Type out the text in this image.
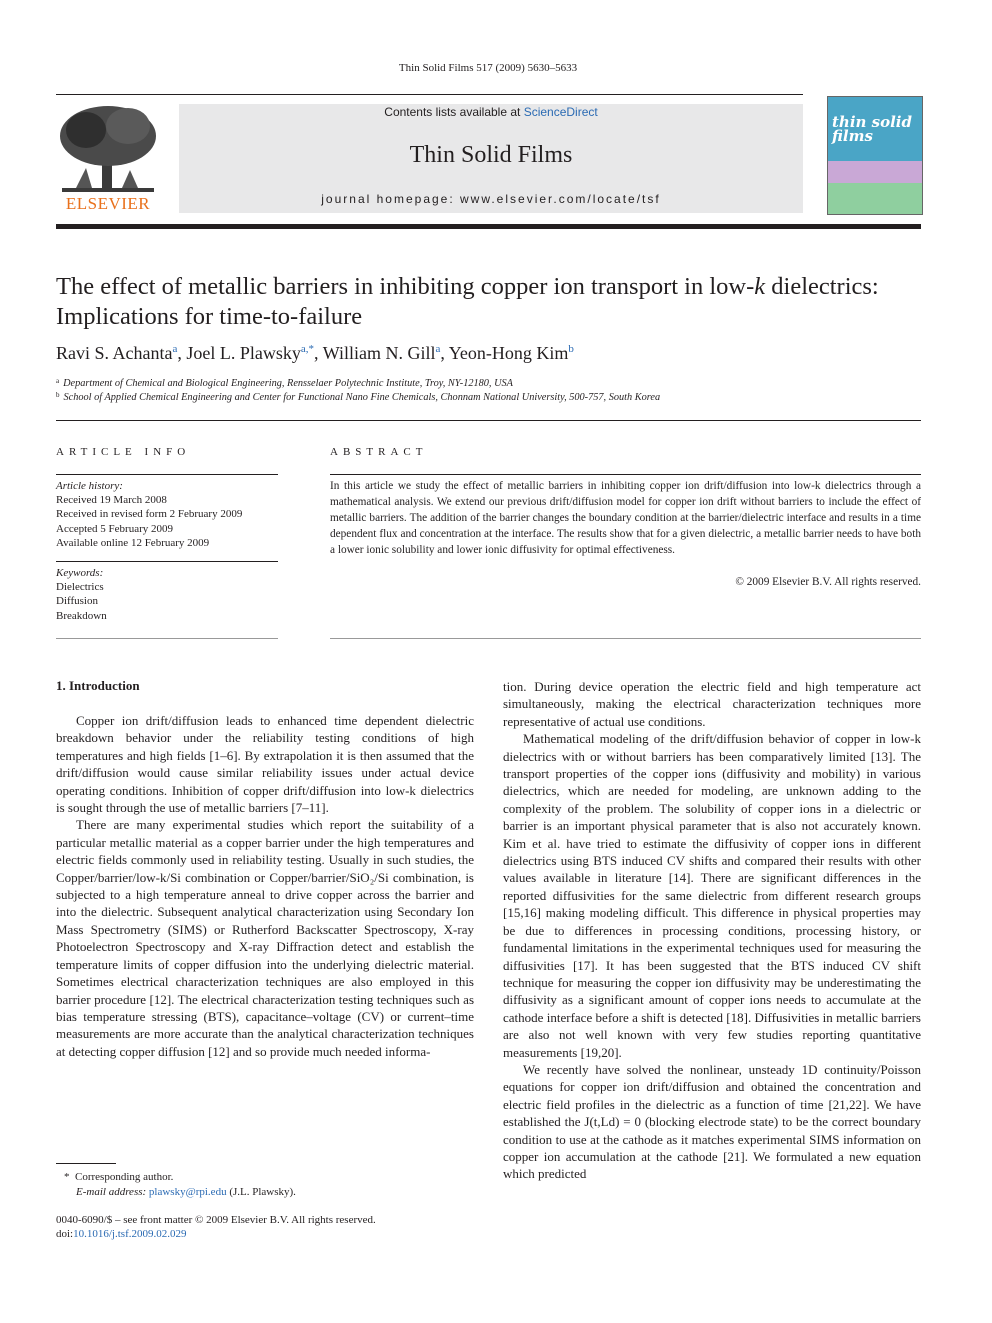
Thin Solid Films 517 (2009) 5630–5633
ELSEVIER
Contents lists available at ScienceDirect
Thin Solid Films
journal homepage: www.elsevier.com/locate/tsf
thin solid films
The effect of metallic barriers in inhibiting copper ion transport in low-k dielectrics:
Implications for time-to-failure
Ravi S. Achanta$^a$, Joel L. Plawsky$^{a,*}$, William N. Gill$^a$, Yeon-Hong Kim$^b$
$^a$ Department of Chemical and Biological Engineering, Rensselaer Polytechnic Institute, Troy, NY-12180, USA
$^b$ School of Applied Chemical Engineering and Center for Functional Nano Fine Chemicals, Chonnam National University, 500-757, South Korea
ARTICLE INFO
Article history:
Received 19 March 2008
Received in revised form 2 February 2009
Accepted 5 February 2009
Available online 12 February 2009
Keywords:
Dielectrics
Diffusion
Breakdown
ABSTRACT
In this article we study the effect of metallic barriers in inhibiting copper ion drift/diffusion into low-k dielectrics through a mathematical analysis. We extend our previous drift/diffusion model for copper ion drift without barriers to include the effect of metallic barriers. The addition of the barrier changes the boundary condition at the barrier/dielectric interface and results in a time dependent flux and concentration at the interface. The results show that for a given dielectric, a metallic barrier needs to have both a lower ionic solubility and lower ionic diffusivity for optimal effectiveness.
© 2009 Elsevier B.V. All rights reserved.
1. Introduction

Copper ion drift/diffusion leads to enhanced time dependent dielectric breakdown behavior under the reliability testing conditions of high temperatures and high fields [1–6]. By extrapolation it is then assumed that the drift/diffusion would cause similar reliability issues under actual device operating conditions. Inhibition of copper drift/diffusion into low-k dielectrics is sought through the use of metallic barriers [7–11].

There are many experimental studies which report the suitability of a particular metallic material as a copper barrier under the high temperatures and electric fields commonly used in reliability testing. Usually in such studies, the Copper/barrier/low-k/Si combination or Copper/barrier/SiO₂/Si combination, is subjected to a high temperature anneal to drive copper across the barrier and into the dielectric. Subsequent analytical characterization using Secondary Ion Mass Spectrometry (SIMS) or Rutherford Backscatter Spectroscopy, X-ray Photoelectron Spectroscopy and X-ray Diffraction detect and establish the temperature limits of copper diffusion into the underlying dielectric material. Sometimes electrical characterization techniques are also employed in this barrier procedure [12]. The electrical characterization testing techniques such as bias temperature stressing (BTS), capacitance–voltage (CV) or current–time measurements are more accurate than the analytical characterization techniques at detecting copper diffusion [12] and so provide much needed informa-

tion. During device operation the electric field and high temperature act simultaneously, making the electrical characterization techniques more representative of actual use conditions.

Mathematical modeling of the drift/diffusion behavior of copper in low-k dielectrics with or without barriers has been comparatively limited [13]. The transport properties of the copper ions (diffusivity and mobility) in various dielectrics, which are needed for modeling, are unknown adding to the complexity of the problem. The solubility of copper ions in a dielectric or barrier is an important physical parameter that is also not accurately known. Kim et al. have tried to estimate the diffusivity of copper ions in different dielectrics using BTS induced CV shifts and compared their results with other values available in literature [14]. There are significant differences in the reported diffusivities for the same dielectric from different research groups [15,16] making modeling difficult. This difference in physical properties may be due to differences in processing conditions, processing history, or fundamental limitations in the experimental techniques used for measuring the diffusivities [17]. It has been suggested that the BTS induced CV shift technique for measuring the copper ion diffusivity may be underestimating the diffusivity as a significant amount of copper ions needs to accumulate at the cathode interface before a shift is detected [18]. Diffusivities in metallic barriers are also not well known with very few studies reporting quantitative measurements [19,20].

We recently have solved the nonlinear, unsteady 1D continuity/Poisson equations for copper ion drift/diffusion and obtained the concentration and electric field profiles in the dielectric as a function of time [21,22]. We have established the J(t,Ld) = 0 (blocking electrode state) to be the correct boundary condition to use at the cathode as it matches experimental SIMS information on copper ion accumulation at the cathode [21]. We formulated a new equation which predicted

* Corresponding author.
E-mail address: plawsky@rpi.edu (J.L. Plawsky).
0040-6090/$ – see front matter © 2009 Elsevier B.V. All rights reserved.
doi:10.1016/j.tsf.2009.02.029
